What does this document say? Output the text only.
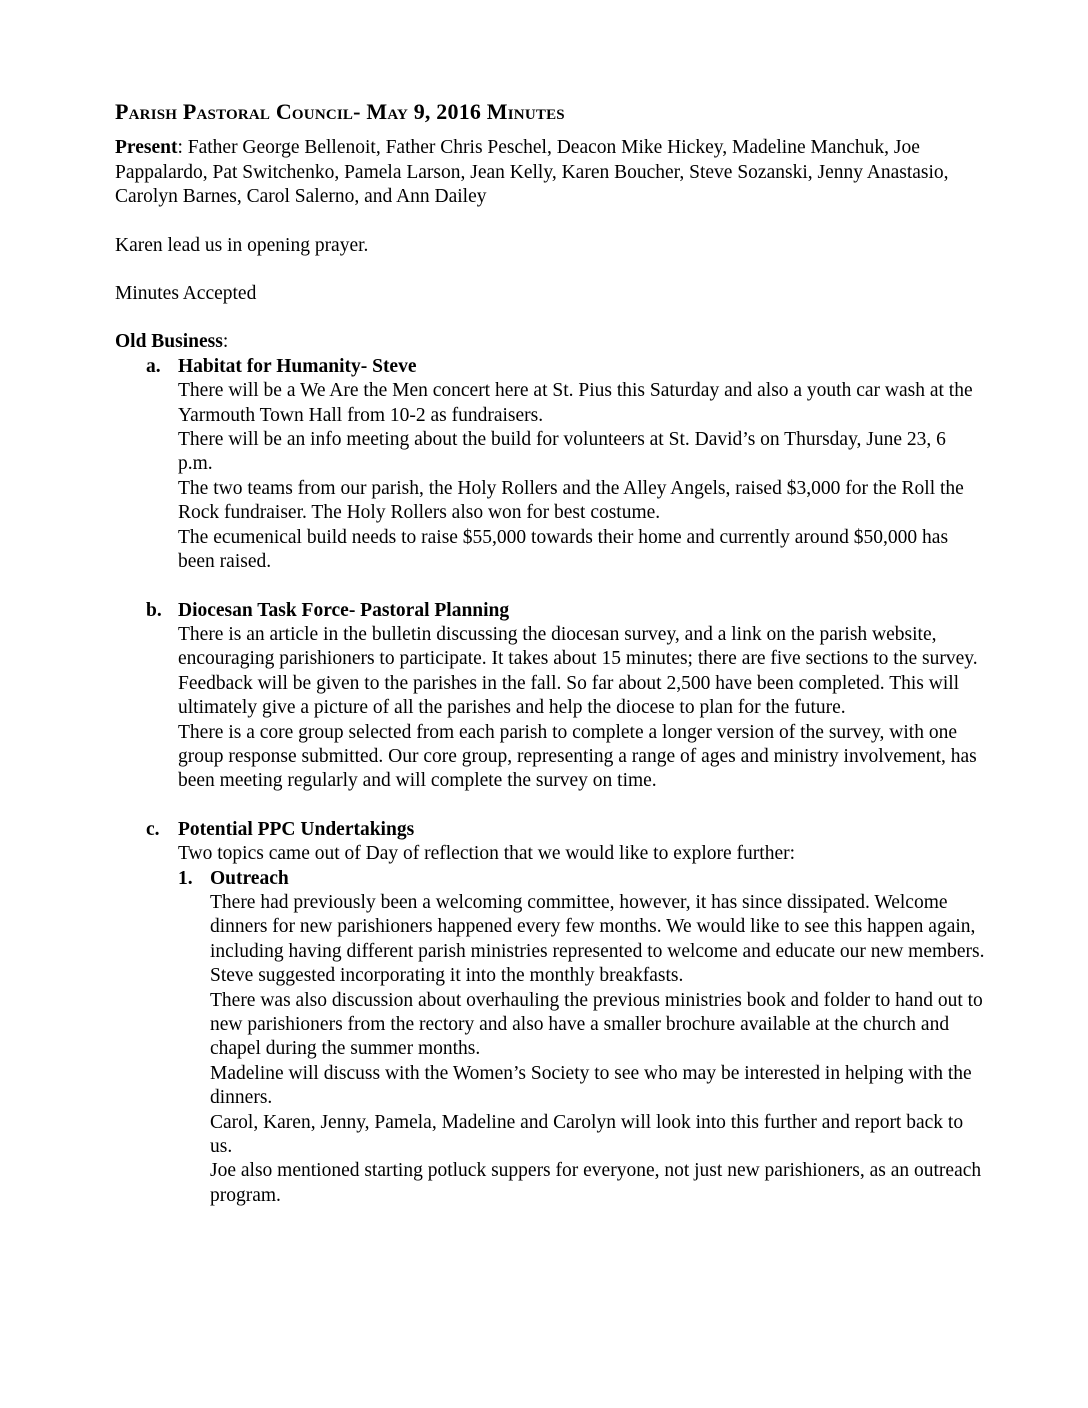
Parish Pastoral Council- May 9, 2016 Minutes

Present: Father George Bellenoit, Father Chris Peschel, Deacon Mike Hickey, Madeline Manchuk, Joe Pappalardo, Pat Switchenko, Pamela Larson, Jean Kelly, Karen Boucher, Steve Sozanski, Jenny Anastasio, Carolyn Barnes, Carol Salerno, and Ann Dailey

Karen lead us in opening prayer.

Minutes Accepted

Old Business:

a. Habitat for Humanity- Steve

There will be a We Are the Men concert here at St. Pius this Saturday and also a youth car wash at the Yarmouth Town Hall from 10-2 as fundraisers.

There will be an info meeting about the build for volunteers at St. David’s on Thursday, June 23, 6 p.m.

The two teams from our parish, the Holy Rollers and the Alley Angels, raised $3,000 for the Roll the Rock fundraiser. The Holy Rollers also won for best costume.

The ecumenical build needs to raise $55,000 towards their home and currently around $50,000 has been raised.

b. Diocesan Task Force- Pastoral Planning

There is an article in the bulletin discussing the diocesan survey, and a link on the parish website, encouraging parishioners to participate. It takes about 15 minutes; there are five sections to the survey. Feedback will be given to the parishes in the fall. So far about 2,500 have been completed. This will ultimately give a picture of all the parishes and help the diocese to plan for the future.

There is a core group selected from each parish to complete a longer version of the survey, with one group response submitted. Our core group, representing a range of ages and ministry involvement, has been meeting regularly and will complete the survey on time.

c. Potential PPC Undertakings

Two topics came out of Day of reflection that we would like to explore further:

1. Outreach

There had previously been a welcoming committee, however, it has since dissipated. Welcome dinners for new parishioners happened every few months. We would like to see this happen again, including having different parish ministries represented to welcome and educate our new members. Steve suggested incorporating it into the monthly breakfasts.

There was also discussion about overhauling the previous ministries book and folder to hand out to new parishioners from the rectory and also have a smaller brochure available at the church and chapel during the summer months.

Madeline will discuss with the Women’s Society to see who may be interested in helping with the dinners.

Carol, Karen, Jenny, Pamela, Madeline and Carolyn will look into this further and report back to us.

Joe also mentioned starting potluck suppers for everyone, not just new parishioners, as an outreach program.
